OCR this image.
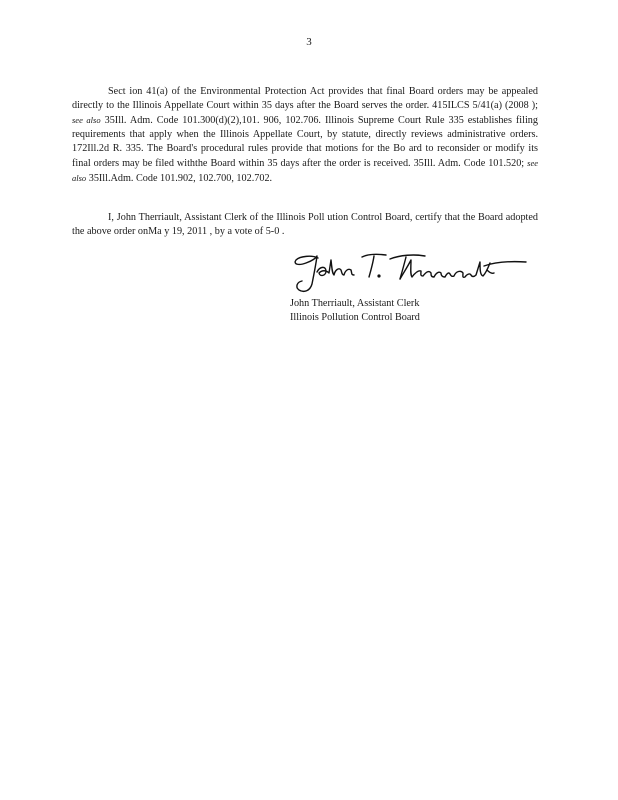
3

Sect ion 41(a) of the Environmental Protection Act provides that final Board orders may be appealed directly to the Illinois Appellate Court within 35 days after the Board serves the order. 415ILCS 5/41(a) (2008 ); see also 35Ill. Adm. Code 101.300(d)(2),101. 906, 102.706. Illinois Supreme Court Rule 335 establishes filing requirements that apply when the Illinois Appellate Court, by statute, directly reviews administrative orders. 172Ill.2d R. 335. The Board's procedural rules provide that motions for the Bo ard to reconsider or modify its final orders may be filed withthe Board within 35 days after the order is received. 35Ill. Adm. Code 101.520; see also 35Ill.Adm. Code 101.902, 102.700, 102.702.

I, John Therriault, Assistant Clerk of the Illinois Poll ution Control Board, certify that the Board adopted the above order onMa y 19, 2011 , by a vote of 5-0 .

John Therriault, Assistant Clerk
Illinois Pollution Control Board
